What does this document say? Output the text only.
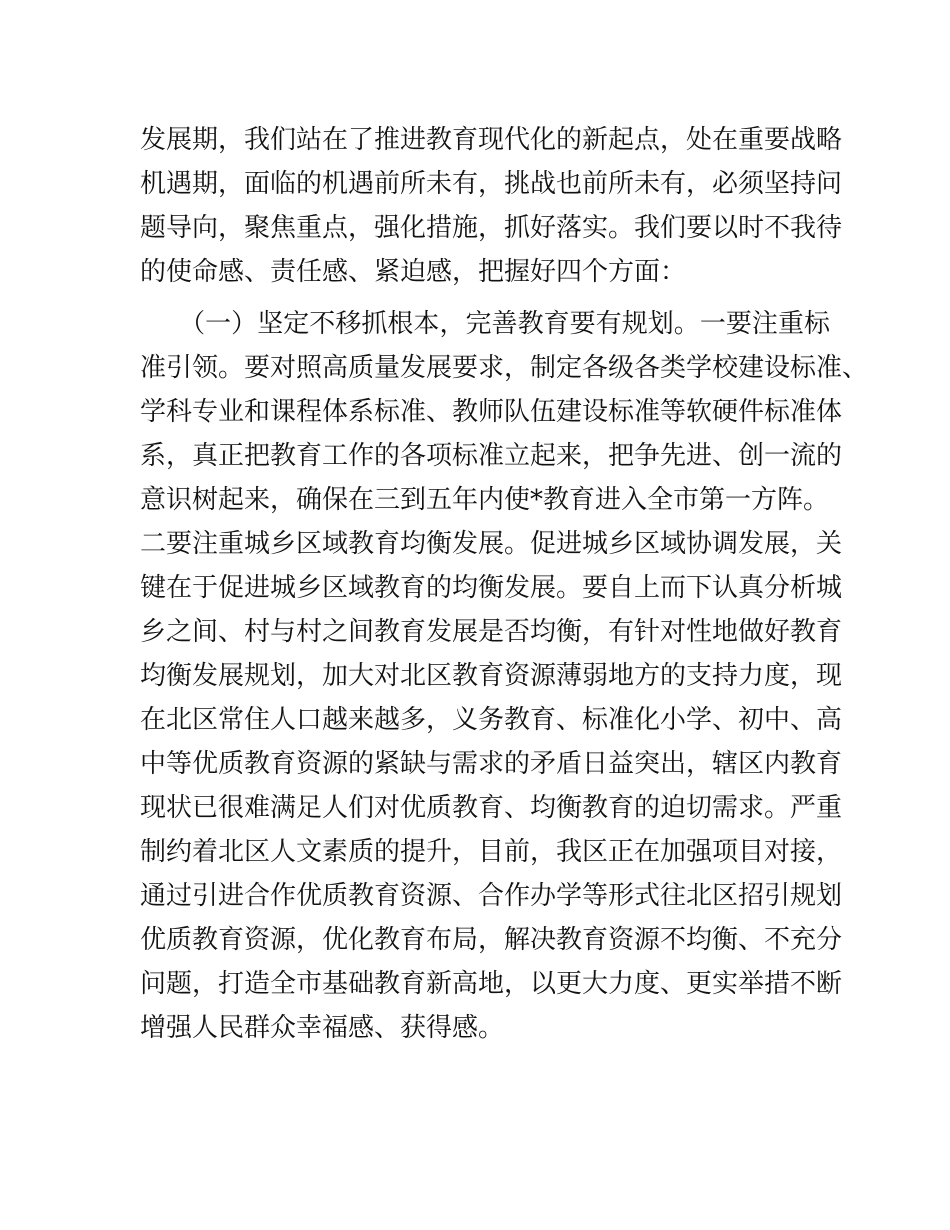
发展期，我们站在了推进教育现代化的新起点，处在重要战略
机遇期，面临的机遇前所未有，挑战也前所未有，必须坚持问
题导向，聚焦重点，强化措施，抓好落实。我们要以时不我待
的使命感、责任感、紧迫感，把握好四个方面：
　　（一）坚定不移抓根本，完善教育要有规划。一要注重标
准引领。要对照高质量发展要求，制定各级各类学校建设标准、
学科专业和课程体系标准、教师队伍建设标准等软硬件标准体
系，真正把教育工作的各项标准立起来，把争先进、创一流的
意识树起来，确保在三到五年内使*教育进入全市第一方阵。
二要注重城乡区域教育均衡发展。促进城乡区域协调发展，关
键在于促进城乡区域教育的均衡发展。要自上而下认真分析城
乡之间、村与村之间教育发展是否均衡，有针对性地做好教育
均衡发展规划，加大对北区教育资源薄弱地方的支持力度，现
在北区常住人口越来越多，义务教育、标准化小学、初中、高
中等优质教育资源的紧缺与需求的矛盾日益突出，辖区内教育
现状已很难满足人们对优质教育、均衡教育的迫切需求。严重
制约着北区人文素质的提升，目前，我区正在加强项目对接，
通过引进合作优质教育资源、合作办学等形式往北区招引规划
优质教育资源，优化教育布局，解决教育资源不均衡、不充分
问题，打造全市基础教育新高地，以更大力度、更实举措不断
增强人民群众幸福感、获得感。
